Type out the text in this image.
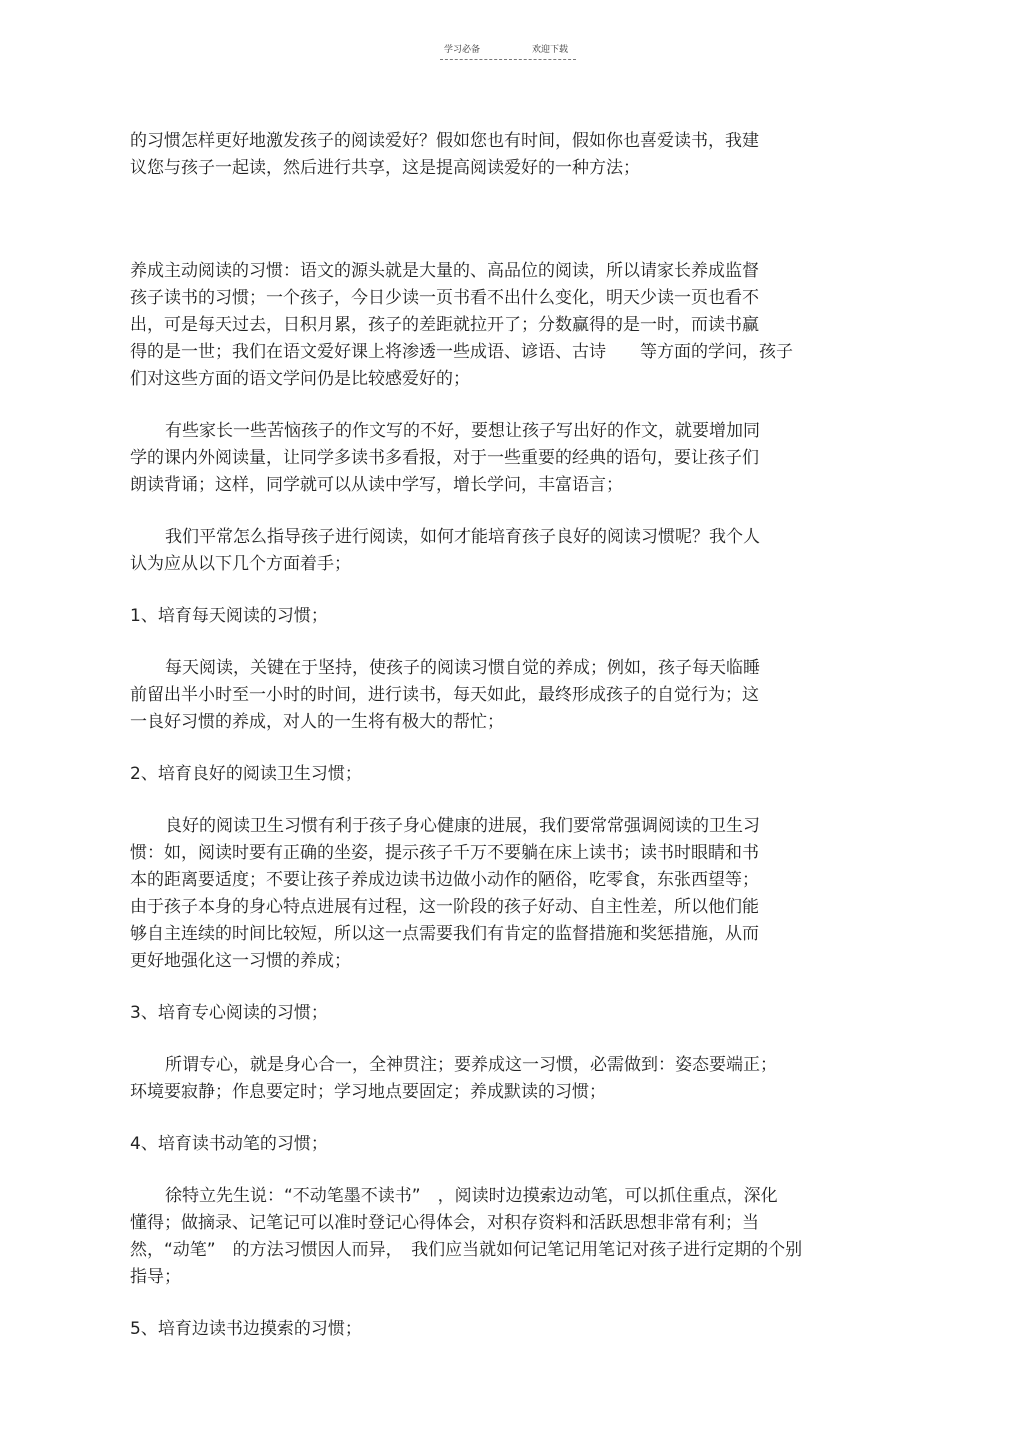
学习必备	欢迎下载
的习惯怎样更好地激发孩子的阅读爱好？假如您也有时间，假如你也喜爱读书，我建
议您与孩子一起读，然后进行共享，这是提高阅读爱好的一种方法；
养成主动阅读的习惯：语文的源头就是大量的、高品位的阅读，所以请家长养成监督
孩子读书的习惯；一个孩子，今日少读一页书看不出什么变化，明天少读一页也看不
出，可是每天过去，日积月累，孩子的差距就拉开了；分数赢得的是一时，而读书赢
得的是一世；我们在语文爱好课上将渗透一些成语、谚语、古诗　　等方面的学问，孩子
们对这些方面的语文学问仍是比较感爱好的；
有些家长一些苦恼孩子的作文写的不好，要想让孩子写出好的作文，就要增加同
学的课内外阅读量，让同学多读书多看报，对于一些重要的经典的语句，要让孩子们
朗读背诵；这样，同学就可以从读中学写，增长学问，丰富语言；
我们平常怎么指导孩子进行阅读，如何才能培育孩子良好的阅读习惯呢？我个人
认为应从以下几个方面着手；
1、培育每天阅读的习惯；
每天阅读，关键在于坚持，使孩子的阅读习惯自觉的养成；例如，孩子每天临睡
前留出半小时至一小时的时间，进行读书，每天如此，最终形成孩子的自觉行为；这
一良好习惯的养成，对人的一生将有极大的帮忙；
2、培育良好的阅读卫生习惯；
良好的阅读卫生习惯有利于孩子身心健康的进展，我们要常常强调阅读的卫生习
惯：如，阅读时要有正确的坐姿，提示孩子千万不要躺在床上读书；读书时眼睛和书
本的距离要适度；不要让孩子养成边读书边做小动作的陋俗，吃零食，东张西望等；
由于孩子本身的身心特点进展有过程，这一阶段的孩子好动、自主性差，所以他们能
够自主连续的时间比较短，所以这一点需要我们有肯定的监督措施和奖惩措施，从而
更好地强化这一习惯的养成；
3、培育专心阅读的习惯；
所谓专心，就是身心合一，全神贯注；要养成这一习惯，必需做到：姿态要端正；
环境要寂静；作息要定时；学习地点要固定；养成默读的习惯；
4、培育读书动笔的习惯；
徐特立先生说：“不动笔墨不读书”　，阅读时边摸索边动笔，可以抓住重点，深化
懂得；做摘录、记笔记可以准时登记心得体会，对积存资料和活跃思想非常有利；当
然，“动笔”　的方法习惯因人而异，　我们应当就如何记笔记用笔记对孩子进行定期的个别
指导；
5、培育边读书边摸索的习惯；
